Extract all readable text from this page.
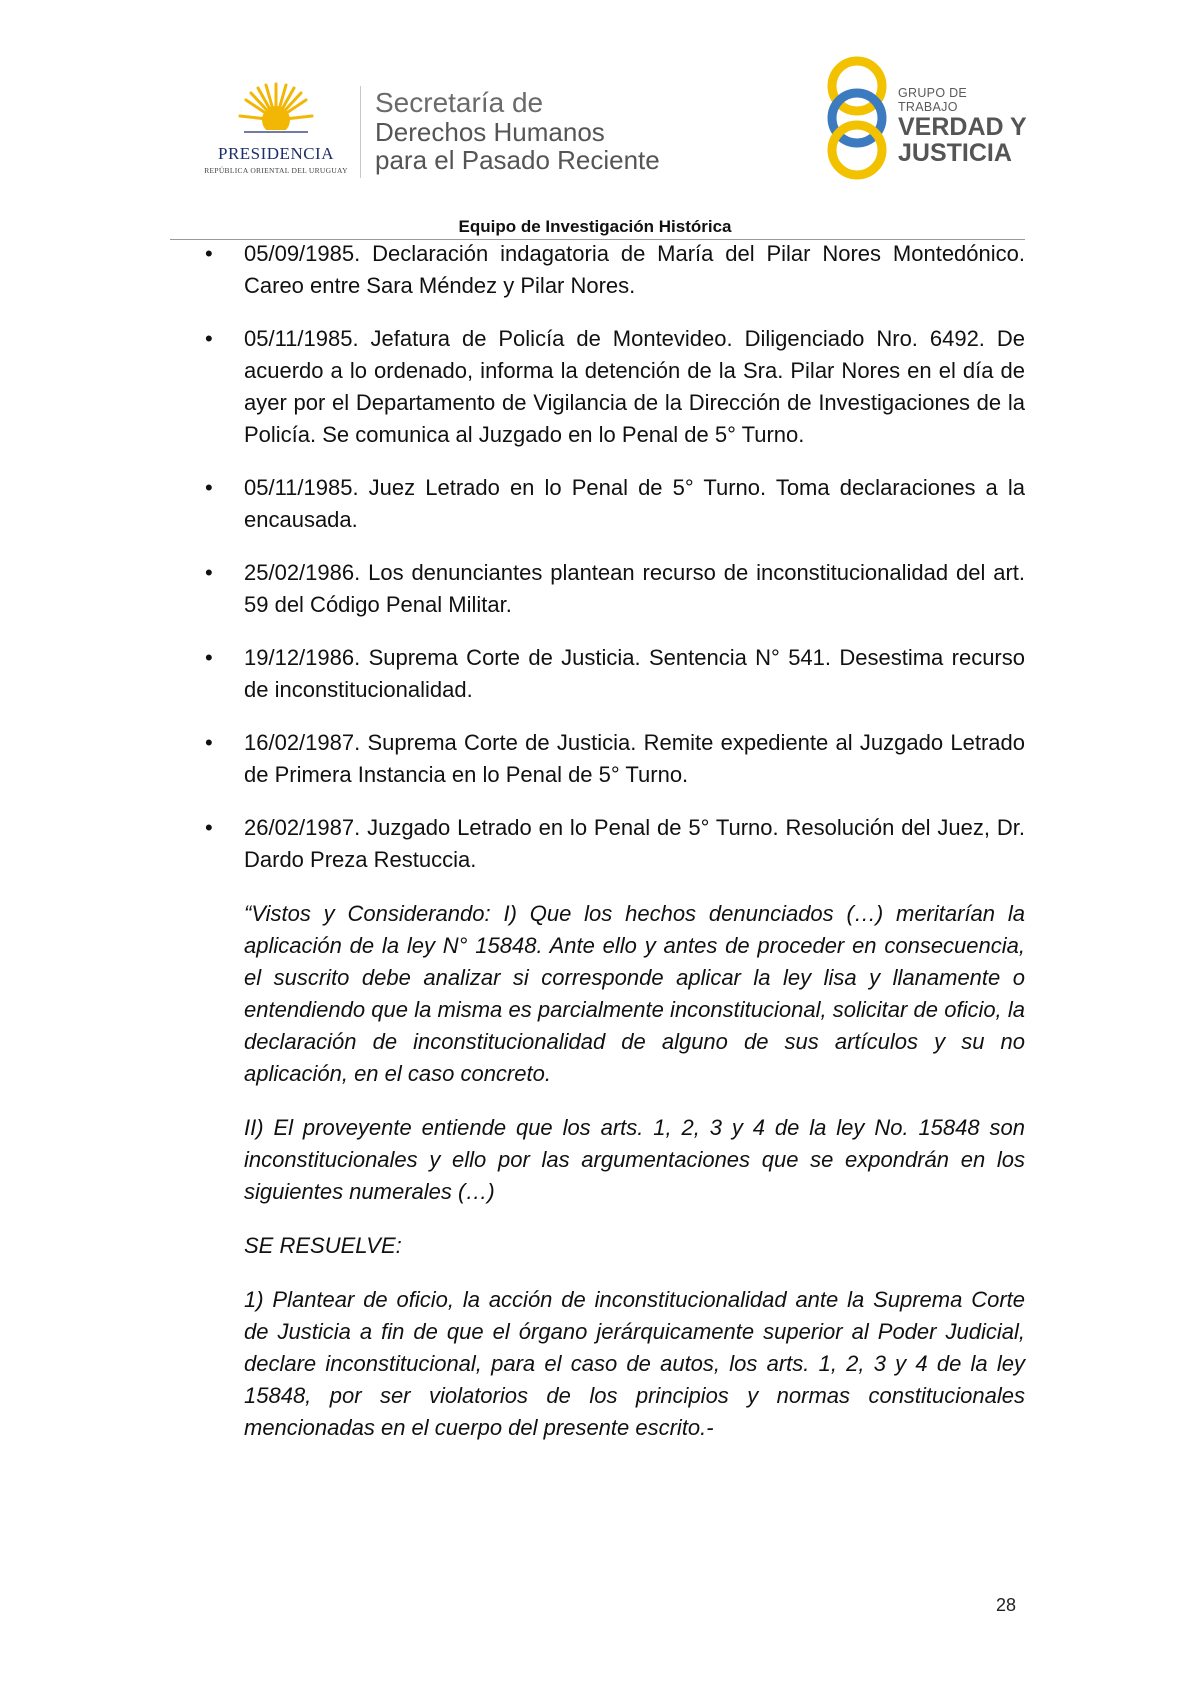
PRESIDENCIA
REPÚBLICA ORIENTAL DEL URUGUAY
Secretaría de
Derechos Humanos
para el Pasado Reciente
GRUPO DE TRABAJO
VERDAD Y
JUSTICIA
Equipo de Investigación Histórica
• 05/09/1985. Declaración indagatoria de María del Pilar Nores Montedónico. Careo entre Sara Méndez y Pilar Nores.
• 05/11/1985. Jefatura de Policía de Montevideo. Diligenciado Nro. 6492. De acuerdo a lo ordenado, informa la detención de la Sra. Pilar Nores en el día de ayer por el Departamento de Vigilancia de la Dirección de Investigaciones de la Policía. Se comunica al Juzgado en lo Penal de 5° Turno.
• 05/11/1985. Juez Letrado en lo Penal de 5° Turno. Toma declaraciones a la encausada.
• 25/02/1986. Los denunciantes plantean recurso de inconstitucionalidad del art. 59 del Código Penal Militar.
• 19/12/1986. Suprema Corte de Justicia. Sentencia N° 541. Desestima recurso de inconstitucionalidad.
• 16/02/1987. Suprema Corte de Justicia. Remite expediente al Juzgado Letrado de Primera Instancia en lo Penal de 5° Turno.
• 26/02/1987. Juzgado Letrado en lo Penal de 5° Turno. Resolución del Juez, Dr. Dardo Preza Restuccia.

“Vistos y Considerando: I) Que los hechos denunciados (…) meritarían la aplicación de la ley N° 15848. Ante ello y antes de proceder en consecuencia, el suscrito debe analizar si corresponde aplicar la ley lisa y llanamente o entendiendo que la misma es parcialmente inconstitucional, solicitar de oficio, la declaración de inconstitucionalidad de alguno de sus artículos y su no aplicación, en el caso concreto.

II) El proveyente entiende que los arts. 1, 2, 3 y 4 de la ley No. 15848 son inconstitucionales y ello por las argumentaciones que se expondrán en los siguientes numerales (…)

SE RESUELVE:

1) Plantear de oficio, la acción de inconstitucionalidad ante la Suprema Corte de Justicia a fin de que el órgano jerárquicamente superior al Poder Judicial, declare inconstitucional, para el caso de autos, los arts. 1, 2, 3 y 4 de la ley 15848, por ser violatorios de los principios y normas constitucionales mencionadas en el cuerpo del presente escrito.-

28
